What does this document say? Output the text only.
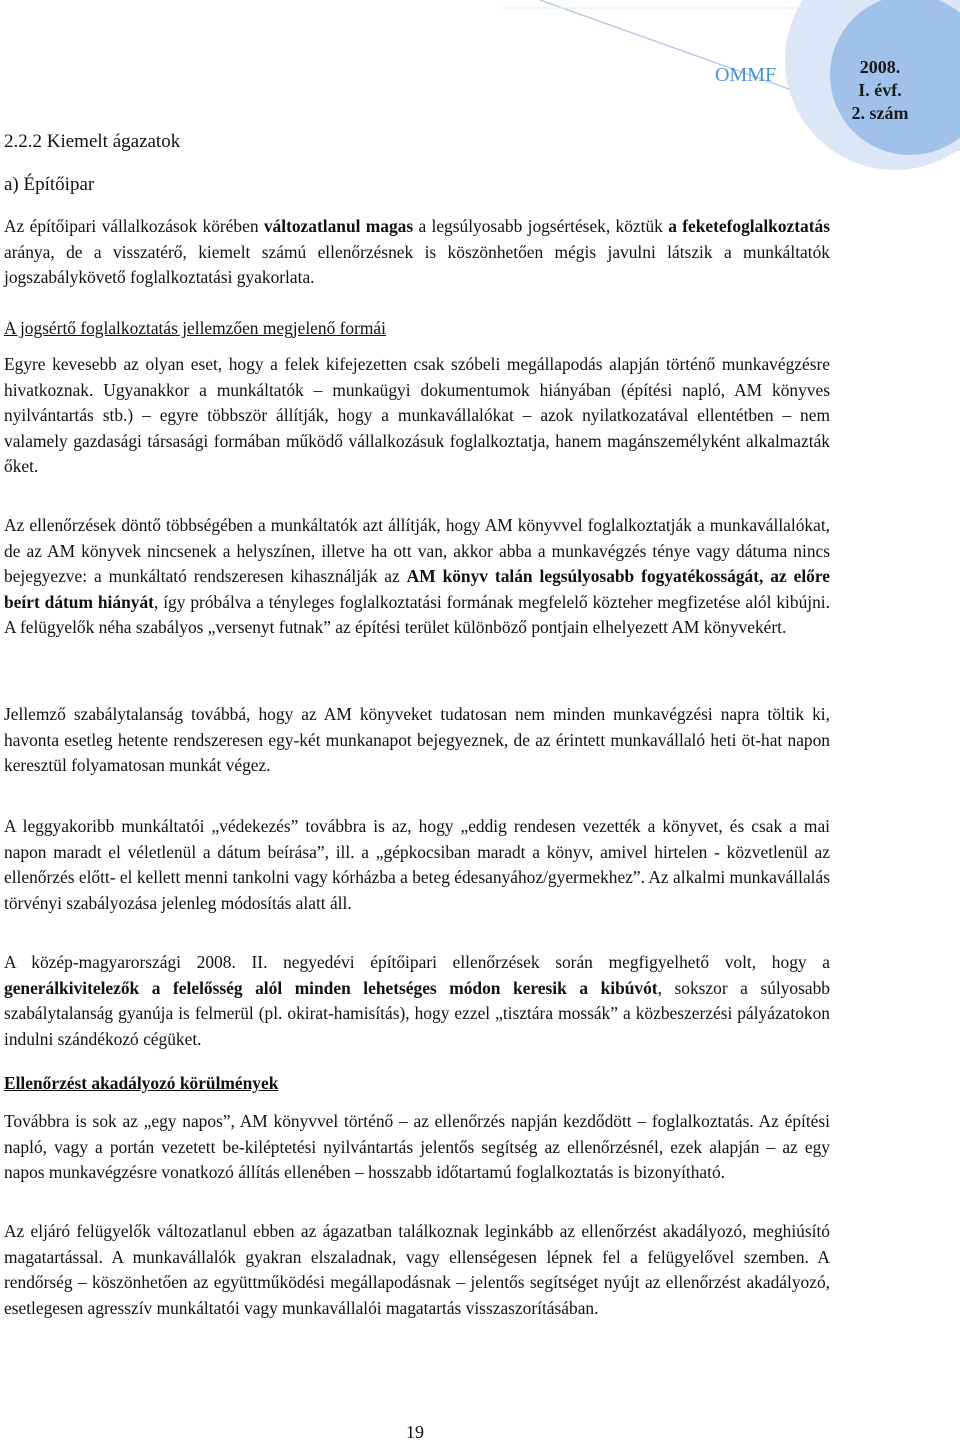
OMMF	2008.
I. évf.
2. szám
2.2.2 Kiemelt ágazatok
a) Építőipar

Az építőipari vállalkozások körében változatlanul magas a legsúlyosabb jogsértések, köztük a feketefoglalkoztatás aránya, de a visszatérő, kiemelt számú ellenőrzésnek is köszönhetően mégis javulni látszik a munkáltatók jogszabálykövető foglalkoztatási gyakorlata.

A jogsértő foglalkoztatás jellemzően megjelenő formái

Egyre kevesebb az olyan eset, hogy a felek kifejezetten csak szóbeli megállapodás alapján történő munkavégzésre hivatkoznak. Ugyanakkor a munkáltatók – munkaügyi dokumentumok hiányában (építési napló, AM könyves nyilvántartás stb.) – egyre többször állítják, hogy a munkavállalókat – azok nyilatkozatával ellentétben – nem valamely gazdasági társasági formában működő vállalkozásuk foglalkoztatja, hanem magánszemélyként alkalmazták őket.

Az ellenőrzések döntő többségében a munkáltatók azt állítják, hogy AM könyvvel foglalkoztatják a munkavállalókat, de az AM könyvek nincsenek a helyszínen, illetve ha ott van, akkor abba a munkavégzés ténye vagy dátuma nincs bejegyezve: a munkáltató rendszeresen kihasználják az AM könyv talán legsúlyosabb fogyatékosságát, az előre beírt dátum hiányát, így próbálva a tényleges foglalkoztatási formának megfelelő közteher megfizetése alól kibújni. A felügyelők néha szabályos „versenyt futnak” az építési terület különböző pontjain elhelyezett AM könyvekért.

Jellemző szabálytalanság továbbá, hogy az AM könyveket tudatosan nem minden munkavégzési napra töltik ki, havonta esetleg hetente rendszeresen egy-két munkanapot bejegyeznek, de az érintett munkavállaló heti öt-hat napon keresztül folyamatosan munkát végez.

A leggyakoribb munkáltatói „védekezés” továbbra is az, hogy „eddig rendesen vezették a könyvet, és csak a mai napon maradt el véletlenül a dátum beírása”, ill. a „gépkocsiban maradt a könyv, amivel hirtelen - közvetlenül az ellenőrzés előtt- el kellett menni tankolni vagy kórházba a beteg édesanyához/gyermekhez”. Az alkalmi munkavállalás törvényi szabályozása jelenleg módosítás alatt áll.

A közép-magyarországi 2008. II. negyedévi építőipari ellenőrzések során megfigyelhető volt, hogy a generálkivitelezők a felelősség alól minden lehetséges módon keresik a kibúvót, sokszor a súlyosabb szabálytalanság gyanúja is felmerül (pl. okirat-hamisítás), hogy ezzel „tisztára mossák” a közbeszerzési pályázatokon indulni szándékozó cégüket.

Ellenőrzést akadályozó körülmények

Továbbra is sok az „egy napos”, AM könyvvel történő – az ellenőrzés napján kezdődött – foglalkoztatás. Az építési napló, vagy a portán vezetett be-kiléptetési nyilvántartás jelentős segítség az ellenőrzésnél, ezek alapján – az egy napos munkavégzésre vonatkozó állítás ellenében – hosszabb időtartamú foglalkoztatás is bizonyítható.

Az eljáró felügyelők változatlanul ebben az ágazatban találkoznak leginkább az ellenőrzést akadályozó, meghiúsító magatartással. A munkavállalók gyakran elszaladnak, vagy ellenségesen lépnek fel a felügyelővel szemben. A rendőrség – köszönhetően az együttműködési megállapodásnak – jelentős segítséget nyújt az ellenőrzést akadályozó, esetlegesen agresszív munkáltatói vagy munkavállalói magatartás visszaszorításában.

19
